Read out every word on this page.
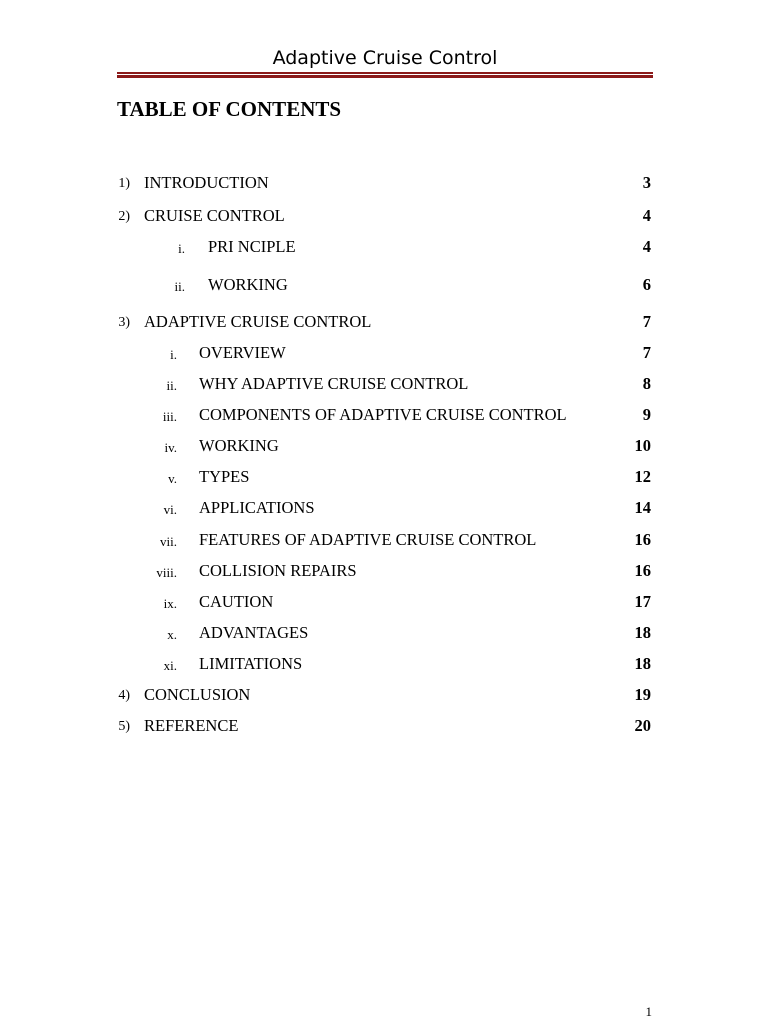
Adaptive Cruise Control
TABLE OF CONTENTS
1) INTRODUCTION	3
2) CRUISE CONTROL	4
i. PRI NCIPLE	4
ii. WORKING	6
3) ADAPTIVE CRUISE CONTROL	7
i. OVERVIEW	7
ii. WHY ADAPTIVE CRUISE CONTROL	8
iii. COMPONENTS OF ADAPTIVE CRUISE CONTROL	9
iv. WORKING	10
v. TYPES	12
vi. APPLICATIONS	14
vii. FEATURES OF ADAPTIVE CRUISE CONTROL	16
viii. COLLISION REPAIRS	16
ix. CAUTION	17
x. ADVANTAGES	18
xi. LIMITATIONS	18
4) CONCLUSION	19
5) REFERENCE	20
1
